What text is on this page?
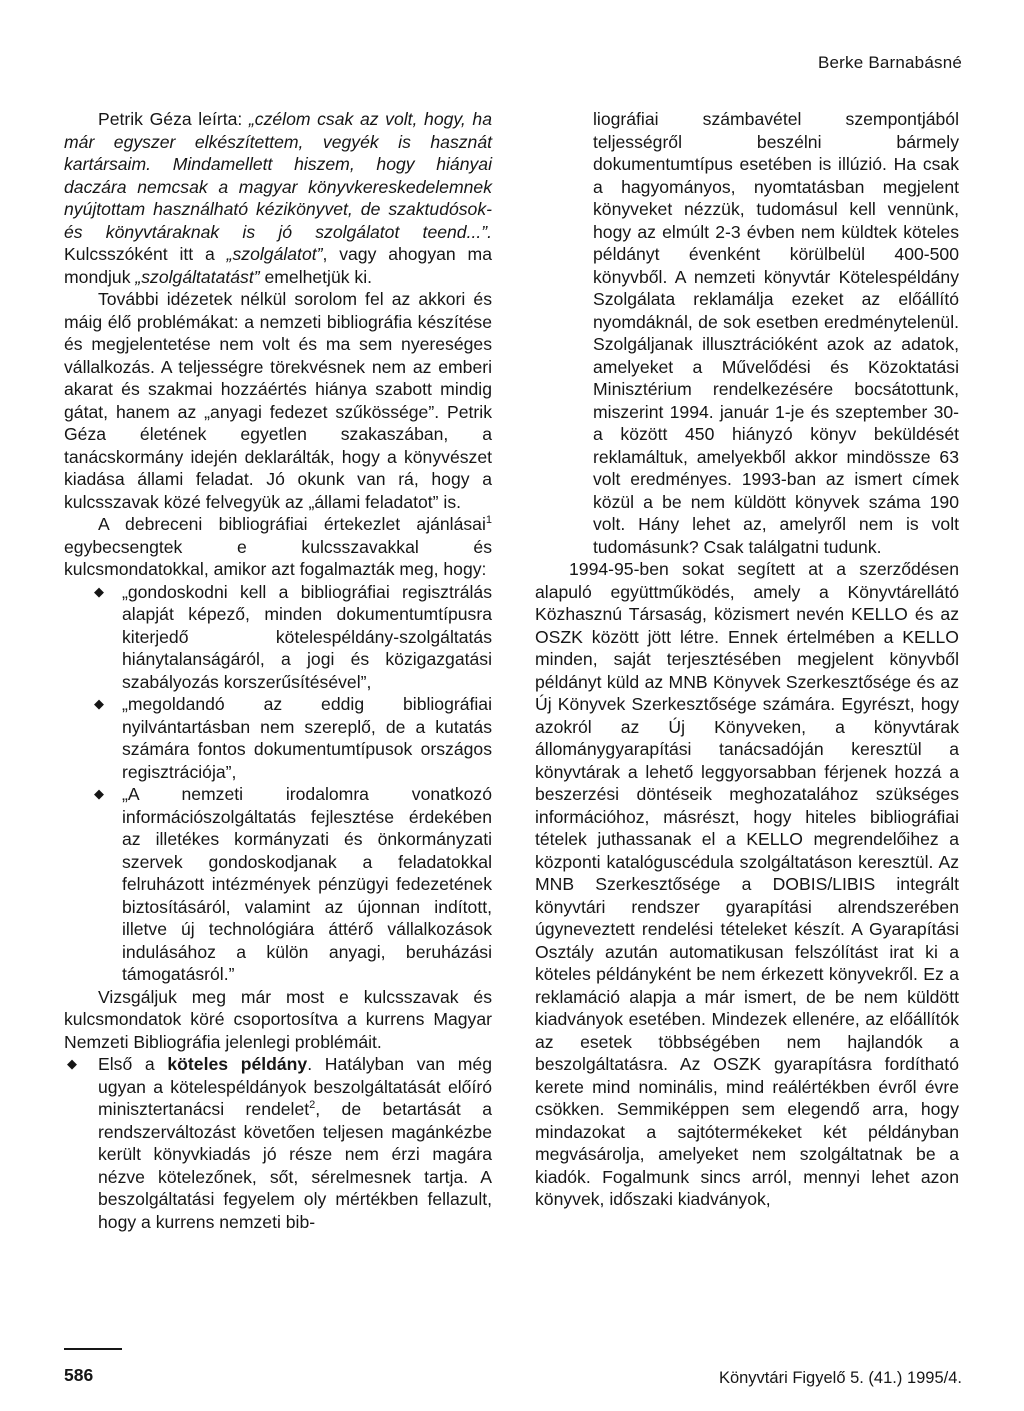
Berke Barnabásné

Petrik Géza leírta: „czélom csak az volt, hogy, ha már egyszer elkészítettem, vegyék is hasznát kartársaim. Mindamellett hiszem, hogy hiányai daczára nemcsak a magyar könyvkereskedelemnek nyújtottam használható kézikönyvet, de szaktudósok- és könyvtáraknak is jó szolgálatot teend...”. Kulcsszóként itt a „szolgálatot”, vagy ahogyan ma mondjuk „szolgáltatatást” emelhetjük ki.

További idézetek nélkül sorolom fel az akkori és máig élő problémákat: a nemzeti bibliográfia készítése és megjelentetése nem volt és ma sem nyereséges vállalkozás. A teljességre törekvésnek nem az emberi akarat és szakmai hozzáértés hiánya szabott mindig gátat, hanem az „anyagi fedezet szűkössége”. Petrik Géza életének egyetlen szakaszában, a tanácskormány idején deklarálták, hogy a könyvészet kiadása állami feladat. Jó okunk van rá, hogy a kulcsszavak közé felvegyük az „állami feladatot” is.

A debreceni bibliográfiai értekezlet ajánlásai$^1$ egybecsengtek e kulcsszavakkal és kulcsmondatokkal, amikor azt fogalmazták meg, hogy:

◆ „gondoskodni kell a bibliográfiai regisztrálás alapját képező, minden dokumentumtípusra kiterjedő kötelespéldány-szolgáltatás hiánytalanságáról, a jogi és közigazgatási szabályozás korszerűsítésével”,
◆ „megoldandó az eddig bibliográfiai nyilvántartásban nem szereplő, de a kutatás számára fontos dokumentumtípusok országos regisztrációja”,
◆ „A nemzeti irodalomra vonatkozó információszolgáltatás fejlesztése érdekében az illetékes kormányzati és önkormányzati szervek gondoskodjanak a feladatokkal felruházott intézmények pénzügyi fedezetének biztosításáról, valamint az újonnan indított, illetve új technológiára áttérő vállalkozások indulásához a külön anyagi, beruházási támogatásról.”

Vizsgáljuk meg már most e kulcsszavak és kulcsmondatok köré csoportosítva a kurrens Magyar Nemzeti Bibliográfia jelenlegi problémáit.

◆ Első a köteles példány. Hatályban van még ugyan a kötelespéldányok beszolgáltatását előíró minisztertanácsi rendelet$^2$, de betartását a rendszerváltozást követően teljesen magánkézbe került könyvkiadás jó része nem érzi magára nézve kötelezőnek, sőt, sérelmesnek tartja. A beszolgáltatási fegyelem oly mértékben fellazult, hogy a kurrens nemzeti bib-

liográfiai számbavétel szempontjából teljességről beszélni bármely dokumentumtípus esetében is illúzió. Ha csak a hagyományos, nyomtatásban megjelent könyveket nézzük, tudomásul kell vennünk, hogy az elmúlt 2-3 évben nem küldtek köteles példányt évenként körülbelül 400-500 könyvből. A nemzeti könyvtár Kötelespéldány Szolgálata reklamálja ezeket az előállító nyomdáknál, de sok esetben eredménytelenül. Szolgáljanak illusztrációként azok az adatok, amelyeket a Művelődési és Közoktatási Minisztérium rendelkezésére bocsátottunk, miszerint 1994. január 1-je és szeptember 30-a között 450 hiányzó könyv beküldését reklamáltuk, amelyekből akkor mindössze 63 volt eredményes. 1993-ban az ismert címek közül a be nem küldött könyvek száma 190 volt. Hány lehet az, amelyről nem is volt tudomásunk? Csak találgatni tudunk.

1994-95-ben sokat segített at a szerződésen alapuló együttműködés, amely a Könyvtárellátó Közhasznú Társaság, közismert nevén KELLO és az OSZK között jött létre. Ennek értelmében a KELLO minden, saját terjesztésében megjelent könyvből példányt küld az MNB Könyvek Szerkesztősége és az Új Könyvek Szerkesztősége számára. Egyrészt, hogy azokról az Új Könyveken, a könyvtárak állománygyarapítási tanácsadóján keresztül a könyvtárak a lehető leggyorsabban férjenek hozzá a beszerzési döntéseik meghozatalához szükséges információhoz, másrészt, hogy hiteles bibliográfiai tételek juthassanak el a KELLO megrendelőihez a központi katalóguscédula szolgáltatáson keresztül. Az MNB Szerkesztősége a DOBIS/LIBIS integrált könyvtári rendszer gyarapítási alrendszerében úgyneveztett rendelési tételeket készít. A Gyarapítási Osztály azután automatikusan felszólítást irat ki a köteles példányként be nem érkezett könyvekről. Ez a reklamáció alapja a már ismert, de be nem küldött kiadványok esetében. Mindezek ellenére, az előállítók az esetek többségében nem hajlandók a beszolgáltatásra. Az OSZK gyarapításra fordítható kerete mind nominális, mind reálértékben évről évre csökken. Semmiképpen sem elegendő arra, hogy mindazokat a sajtótermékeket két példányban megvásárolja, amelyeket nem szolgáltatnak be a kiadók. Fogalmunk sincs arról, mennyi lehet azon könyvek, időszaki kiadványok,

586	Könyvtári Figyelő 5. (41.) 1995/4.
